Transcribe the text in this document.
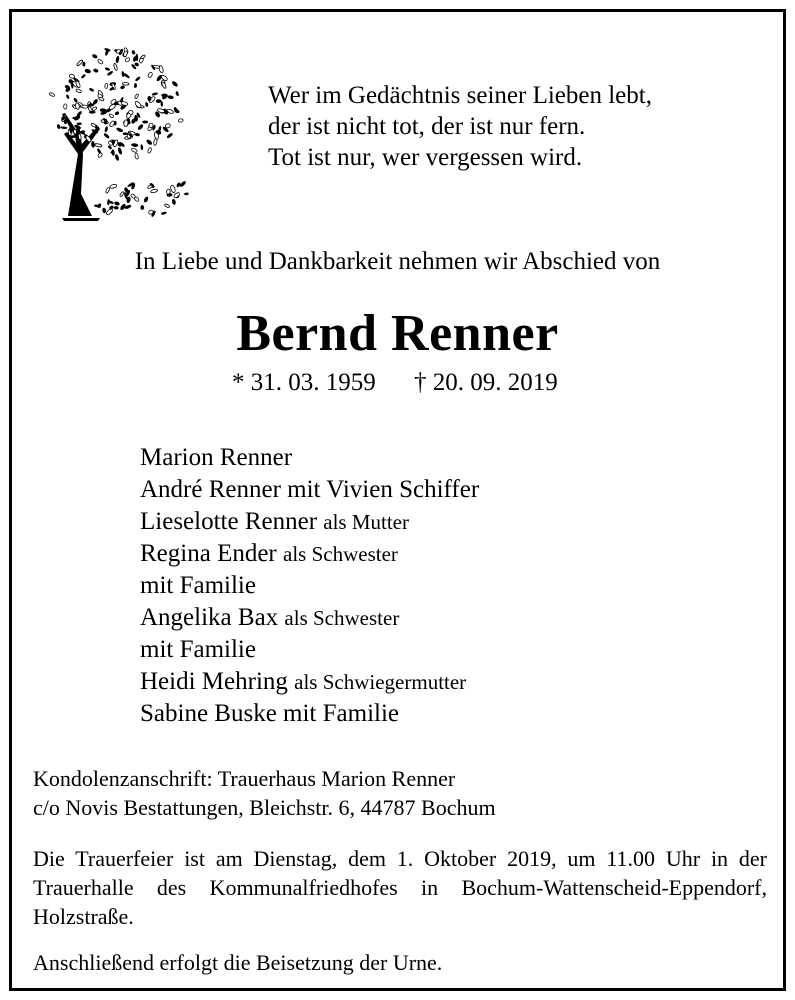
Wer im Gedächtnis seiner Lieben lebt,
der ist nicht tot, der ist nur fern.
Tot ist nur, wer vergessen wird.
In Liebe und Dankbarkeit nehmen wir Abschied von
Bernd Renner
* 31. 03. 1959 † 20. 09. 2019
Marion Renner
André Renner mit Vivien Schiffer
Lieselotte Renner als Mutter
Regina Ender als Schwester
mit Familie
Angelika Bax als Schwester
mit Familie
Heidi Mehring als Schwiegermutter
Sabine Buske mit Familie
Kondolenzanschrift: Trauerhaus Marion Renner
c/o Novis Bestattungen, Bleichstr. 6, 44787 Bochum
Die Trauerfeier ist am Dienstag, dem 1. Oktober 2019, um 11.00 Uhr in der Trauerhalle des Kommunalfriedhofes in Bochum-Wattenscheid-Eppendorf, Holzstraße.
Anschließend erfolgt die Beisetzung der Urne.
